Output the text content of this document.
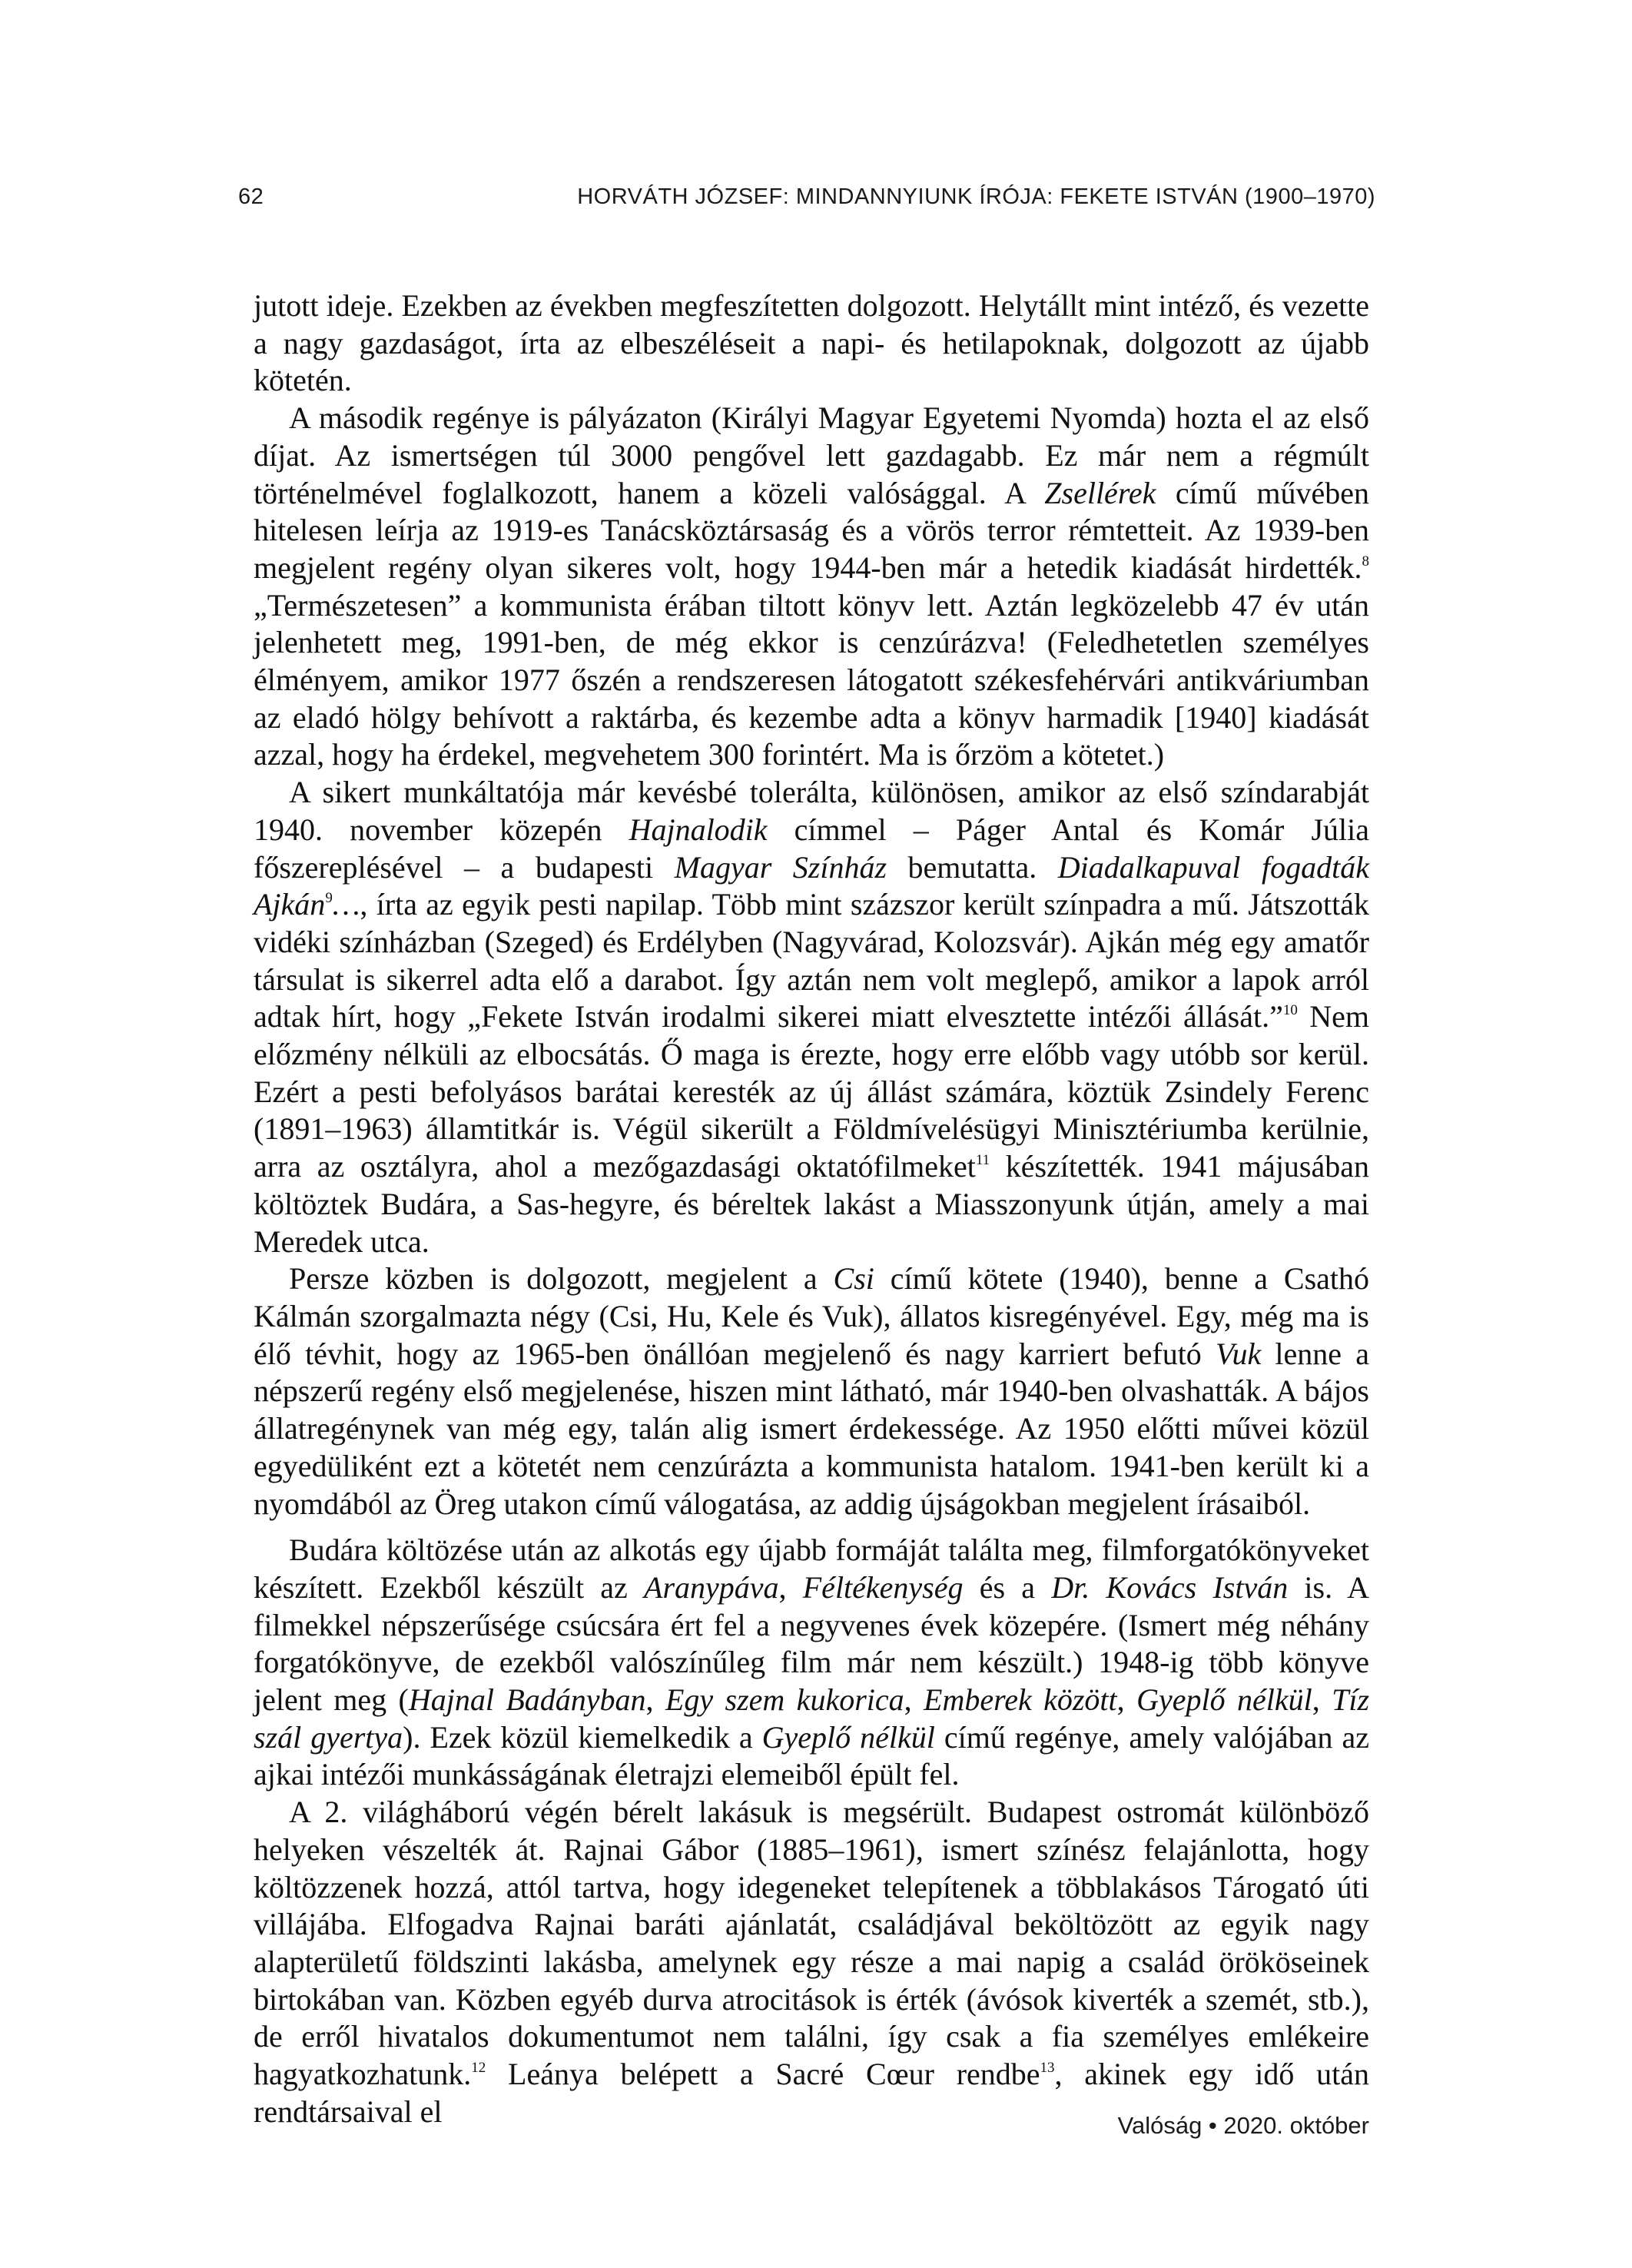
62	HORVÁTH JÓZSEF: MINDANNYIUNK ÍRÓJA: FEKETE ISTVÁN (1900–1970)

jutott ideje. Ezekben az években megfeszítetten dolgozott. Helytállt mint intéző, és vezette a nagy gazdaságot, írta az elbeszéléseit a napi- és hetilapoknak, dolgozott az újabb kötetén.

A második regénye is pályázaton (Királyi Magyar Egyetemi Nyomda) hozta el az első díjat. Az ismertségen túl 3000 pengővel lett gazdagabb. Ez már nem a régmúlt történelmével foglalkozott, hanem a közeli valósággal. A Zsellérek című művében hitelesen leírja az 1919-es Tanácsköztársaság és a vörös terror rémtetteit. Az 1939-ben megjelent regény olyan sikeres volt, hogy 1944-ben már a hetedik kiadását hirdették.$^8$ „Természetesen” a kommunista érában tiltott könyv lett. Aztán legközelebb 47 év után jelenhetett meg, 1991-ben, de még ekkor is cenzúrázva! (Feledhetetlen személyes élményem, amikor 1977 őszén a rendszeresen látogatott székesfehérvári antikváriumban az eladó hölgy behívott a raktárba, és kezembe adta a könyv harmadik [1940] kiadását azzal, hogy ha érdekel, megvehetem 300 forintért. Ma is őrzöm a kötetet.)

A sikert munkáltatója már kevésbé tolerálta, különösen, amikor az első színdarabját 1940. november közepén Hajnalodik címmel – Páger Antal és Komár Júlia főszereplésével – a budapesti Magyar Színház bemutatta. Diadalkapuval fogadták Ajkán$^9$…, írta az egyik pesti napilap. Több mint százszor került színpadra a mű. Játszották vidéki színházban (Szeged) és Erdélyben (Nagyvárad, Kolozsvár). Ajkán még egy amatőr társulat is sikerrel adta elő a darabot. Így aztán nem volt meglepő, amikor a lapok arról adtak hírt, hogy „Fekete István irodalmi sikerei miatt elvesztette intézői állását.”$^{10}$ Nem előzmény nélküli az elbocsátás. Ő maga is érezte, hogy erre előbb vagy utóbb sor kerül. Ezért a pesti befolyásos barátai keresték az új állást számára, köztük Zsindely Ferenc (1891–1963) államtitkár is. Végül sikerült a Földmívelésügyi Minisztériumba kerülnie, arra az osztályra, ahol a mezőgazdasági oktatófilmeket$^{11}$ készítették. 1941 májusában költöztek Budára, a Sas-hegyre, és béreltek lakást a Miasszonyunk útján, amely a mai Meredek utca.

Persze közben is dolgozott, megjelent a Csi című kötete (1940), benne a Csathó Kálmán szorgalmazta négy (Csi, Hu, Kele és Vuk), állatos kisregényével. Egy, még ma is élő tévhit, hogy az 1965-ben önállóan megjelenő és nagy karriert befutó Vuk lenne a népszerű regény első megjelenése, hiszen mint látható, már 1940-ben olvashatták. A bájos állatregénynek van még egy, talán alig ismert érdekessége. Az 1950 előtti művei közül egyedüliként ezt a kötetét nem cenzúrázta a kommunista hatalom. 1941-ben került ki a nyomdából az Öreg utakon című válogatása, az addig újságokban megjelent írásaiból.

Budára költözése után az alkotás egy újabb formáját találta meg, filmforgatókönyveket készített. Ezekből készült az Aranypáva, Féltékenység és a Dr. Kovács István is. A filmekkel népszerűsége csúcsára ért fel a negyvenes évek közepére. (Ismert még néhány forgatókönyve, de ezekből valószínűleg film már nem készült.) 1948-ig több könyve jelent meg (Hajnal Badányban, Egy szem kukorica, Emberek között, Gyeplő nélkül, Tíz szál gyertya). Ezek közül kiemelkedik a Gyeplő nélkül című regénye, amely valójában az ajkai intézői munkásságának életrajzi elemeiből épült fel.

A 2. világháború végén bérelt lakásuk is megsérült. Budapest ostromát különböző helyeken vészelték át. Rajnai Gábor (1885–1961), ismert színész felajánlotta, hogy költözzenek hozzá, attól tartva, hogy idegeneket telepítenek a többlakásos Tárogató úti villájába. Elfogadva Rajnai baráti ajánlatát, családjával beköltözött az egyik nagy alapterületű földszinti lakásba, amelynek egy része a mai napig a család örököseinek birtokában van. Közben egyéb durva atrocitások is érték (ávósok kiverték a szemét, stb.), de erről hivatalos dokumentumot nem találni, így csak a fia személyes emlékeire hagyatkozhatunk.$^{12}$ Leánya belépett a Sacré Cœur rendbe$^{13}$, akinek egy idő után rendtársaival el	Valóság • 2020. október
